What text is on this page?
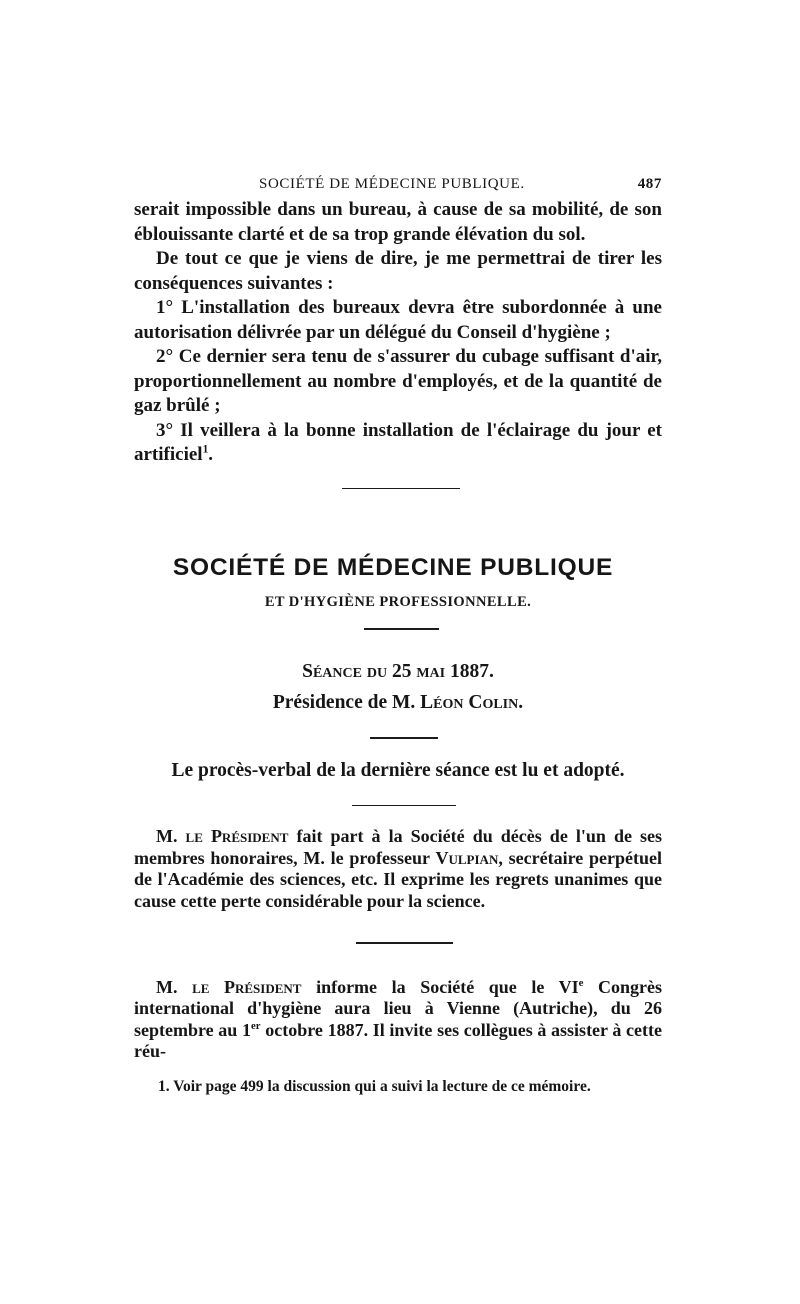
SOCIÉTÉ DE MÉDECINE PUBLIQUE.	487

serait impossible dans un bureau, à cause de sa mobilité, de son éblouissante clarté et de sa trop grande élévation du sol.

De tout ce que je viens de dire, je me permettrai de tirer les conséquences suivantes :

1° L'installation des bureaux devra être subordonnée à une autorisation délivrée par un délégué du Conseil d'hygiène ;

2° Ce dernier sera tenu de s'assurer du cubage suffisant d'air, proportionnellement au nombre d'employés, et de la quantité de gaz brûlé ;

3° Il veillera à la bonne installation de l'éclairage du jour et artificiel$^1$.

SOCIÉTÉ DE MÉDECINE PUBLIQUE
ET D'HYGIÈNE PROFESSIONNELLE.
Séance du 25 mai 1887.
Présidence de M. Léon Colin.
Le procès-verbal de la dernière séance est lu et adopté.

M. le Président fait part à la Société du décès de l'un de ses membres honoraires, M. le professeur Vulpian, secrétaire perpétuel de l'Académie des sciences, etc. Il exprime les regrets unanimes que cause cette perte considérable pour la science.

M. le Président informe la Société que le VIe Congrès international d'hygiène aura lieu à Vienne (Autriche), du 26 septembre au 1er octobre 1887. Il invite ses collègues à assister à cette réu-

1. Voir page 499 la discussion qui a suivi la lecture de ce mémoire.
